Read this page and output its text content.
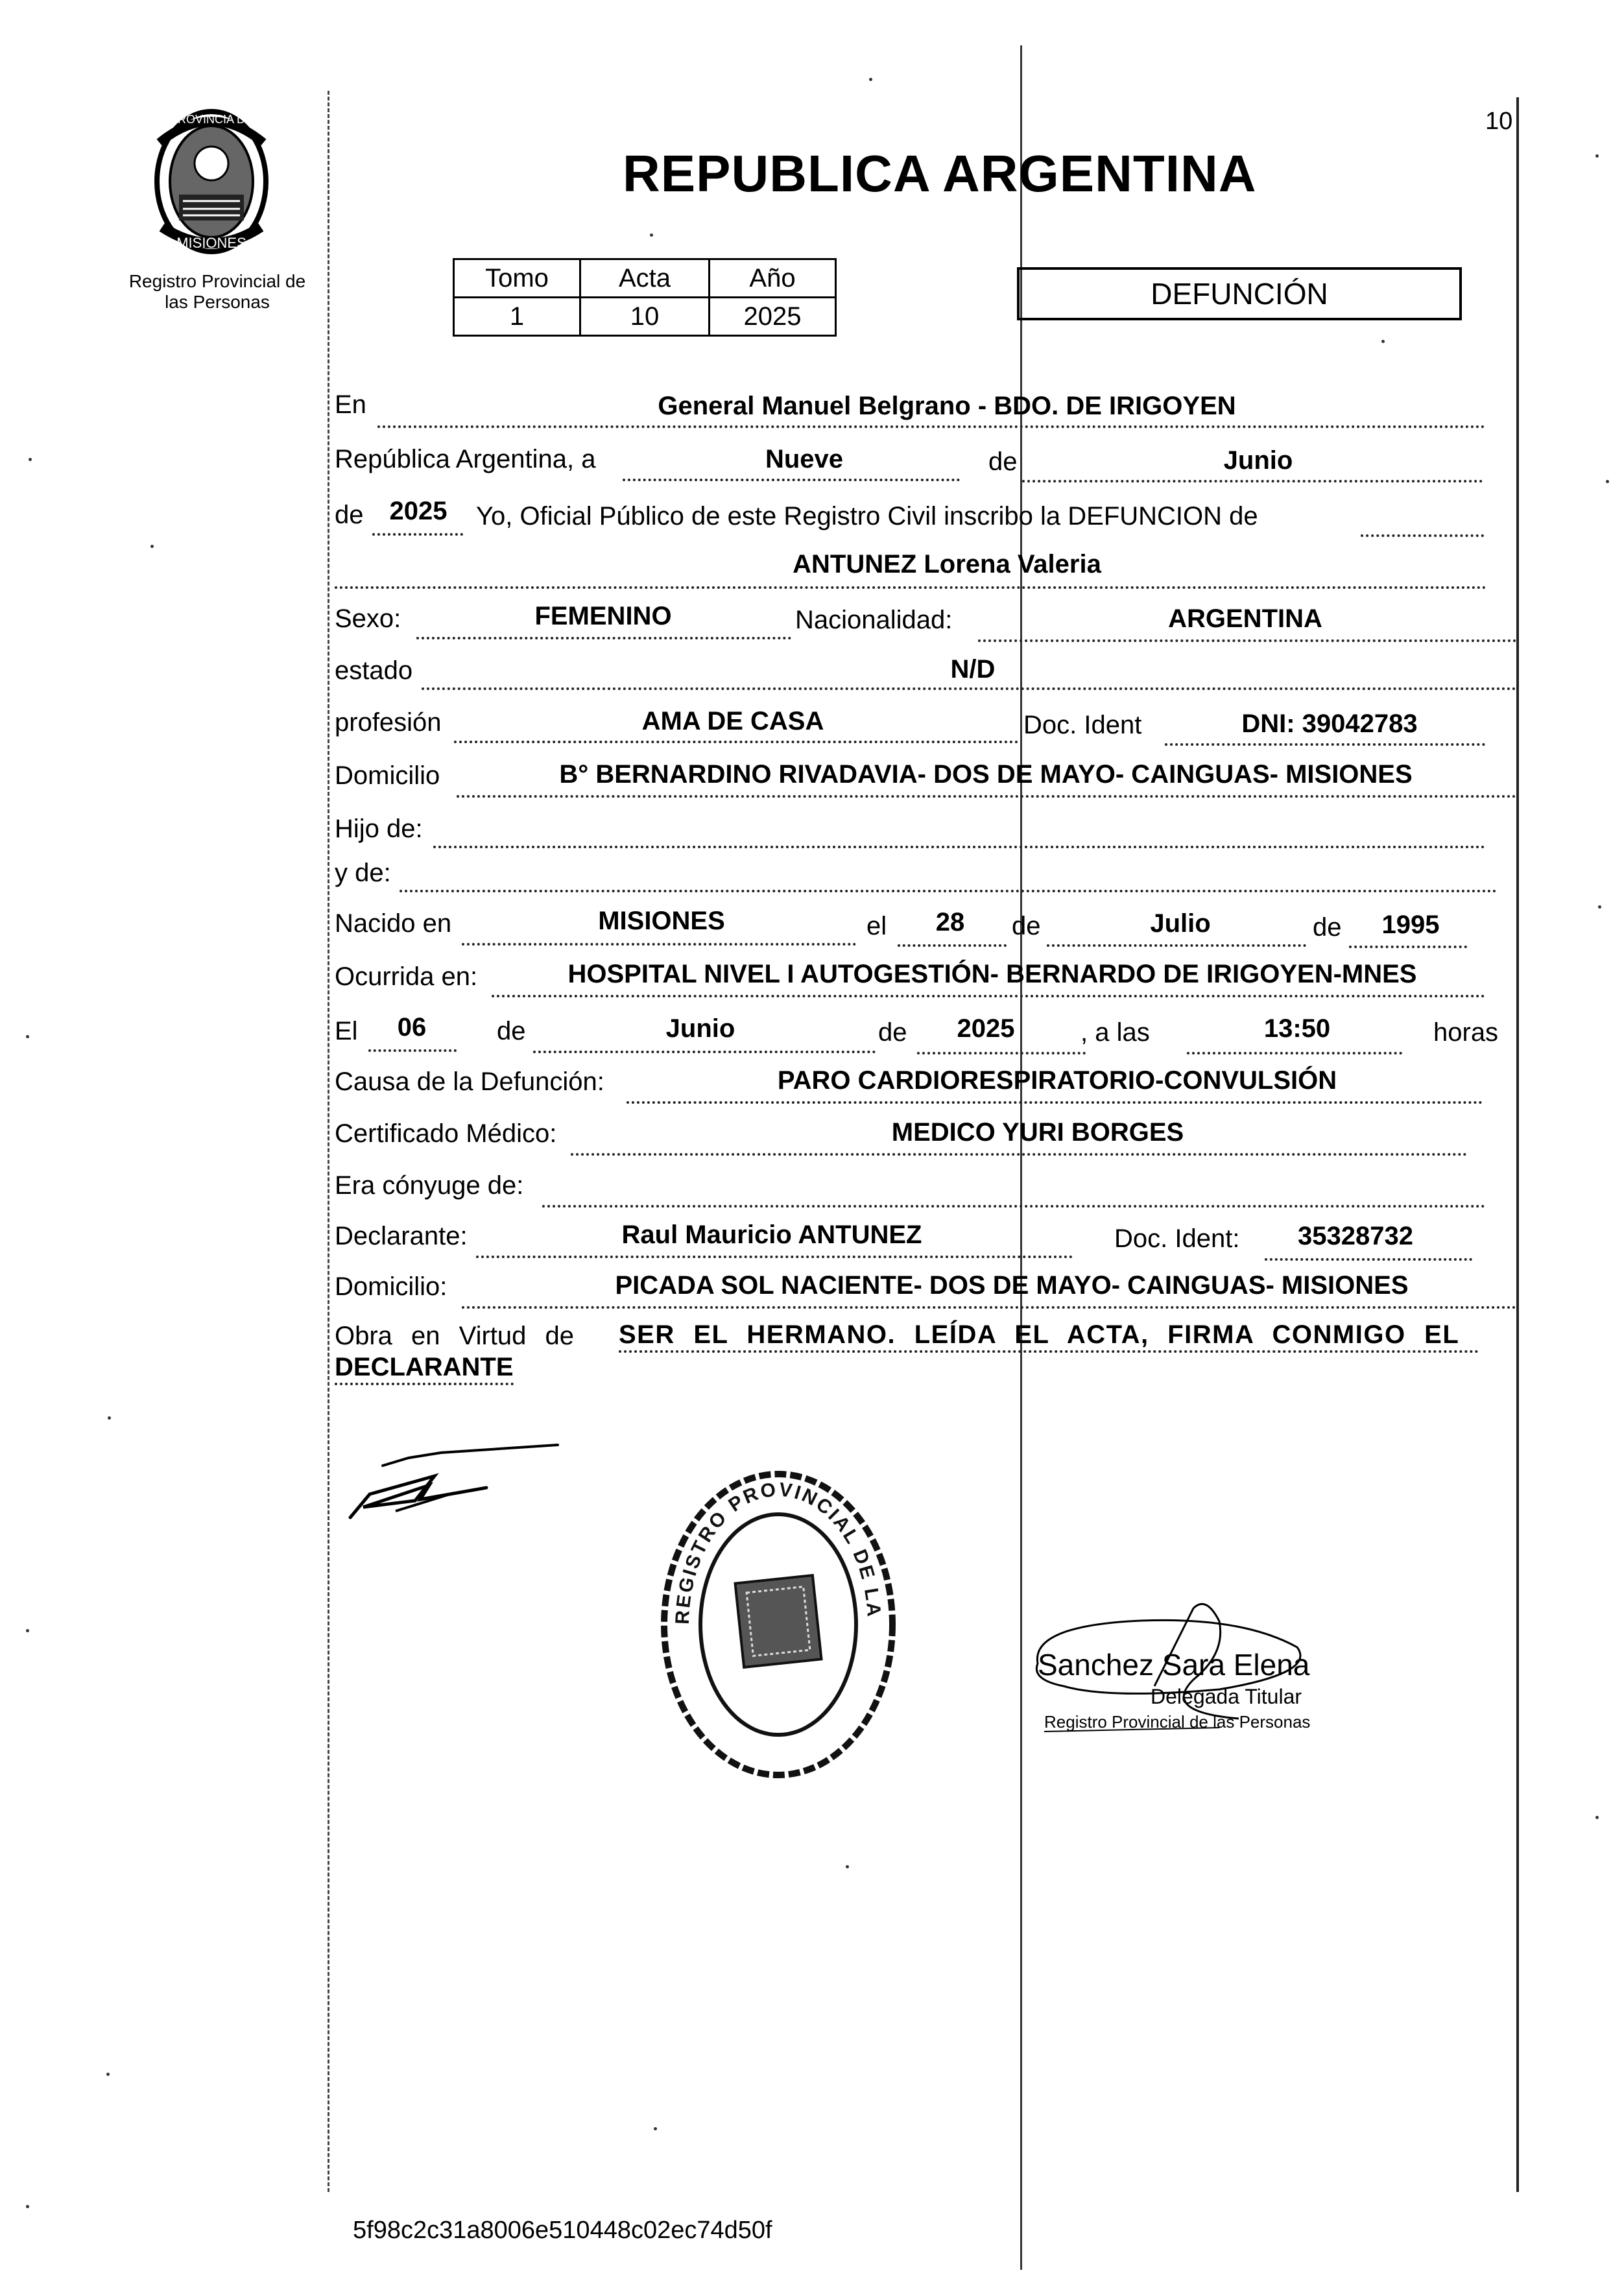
10
PROVINCIA DE
MISIONES
Registro Provincial de
las Personas
REPUBLICA ARGENTINA
Tomo	Acta	Año
1	10	2025
DEFUNCIÓN
En	General Manuel Belgrano - BDO. DE IRIGOYEN
República Argentina, a	Nueve	de	Junio
de	2025	Yo, Oficial Público de este Registro Civil inscribo la DEFUNCION de
ANTUNEZ Lorena Valeria
Sexo:	FEMENINO	Nacionalidad:	ARGENTINA
estado	N/D
profesión	AMA DE CASA	Doc. Ident	DNI: 39042783
Domicilio	B° BERNARDINO RIVADAVIA- DOS DE MAYO- CAINGUAS- MISIONES
Hijo de:
y de:
Nacido en	MISIONES	el	28	de	Julio	de	1995
Ocurrida en:	HOSPITAL NIVEL I AUTOGESTIÓN- BERNARDO DE IRIGOYEN-MNES
El	06	de	Junio	de	2025	, a las	13:50	horas
Causa de la Defunción:	PARO CARDIORESPIRATORIO-CONVULSIÓN
Certificado Médico:	MEDICO YURI BORGES
Era cónyuge de:
Declarante:	Raul Mauricio ANTUNEZ	Doc. Ident:	35328732
Domicilio:	PICADA SOL NACIENTE- DOS DE MAYO- CAINGUAS- MISIONES
Obra en Virtud de SER EL HERMANO. LEÍDA EL ACTA, FIRMA CONMIGO EL
DECLARANTE
REGISTRO PROVINCIAL DE LA
Sanchez Sara Elena
Delegada Titular
Registro Provincial de las Personas
5f98c2c31a8006e510448c02ec74d50f
